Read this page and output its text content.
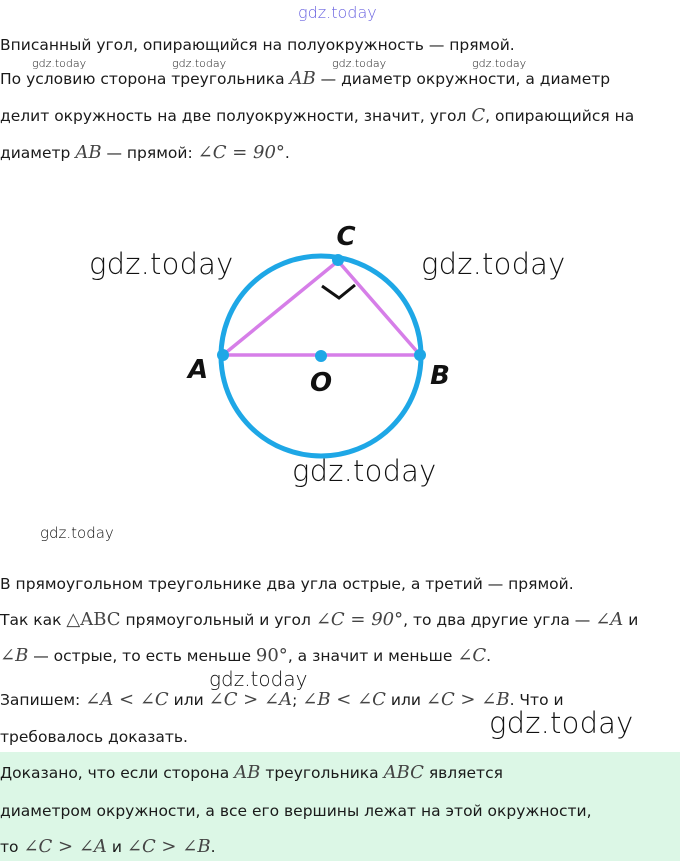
gdz.today
Вписанный угол, опирающийся на полуокружность — прямой.
gdz.today	gdz.today	gdz.today	gdz.today
По условию сторона треугольника AB — диаметр окружности, а диаметр
делит окружность на две полуокружности, значит, угол C, опирающийся на
диаметр AB — прямой: ∠C = 90°.
C
A	B
O
gdz.today	gdz.today
gdz.today
gdz.today
В прямоугольном треугольнике два угла острые, а третий — прямой.
Так как △ABC прямоугольный и угол ∠C = 90°, то два другие угла — ∠A и
∠B — острые, то есть меньше 90°, а значит и меньше ∠C.
gdz.today
Запишем: ∠A < ∠C или ∠C > ∠A; ∠B < ∠C или ∠C > ∠B. Что и
требовалось доказать.
Доказано, что если сторона AB треугольника ABC является
диаметром окружности, а все его вершины лежат на этой окружности,
то ∠C > ∠A и ∠C > ∠B.
gdz.today
